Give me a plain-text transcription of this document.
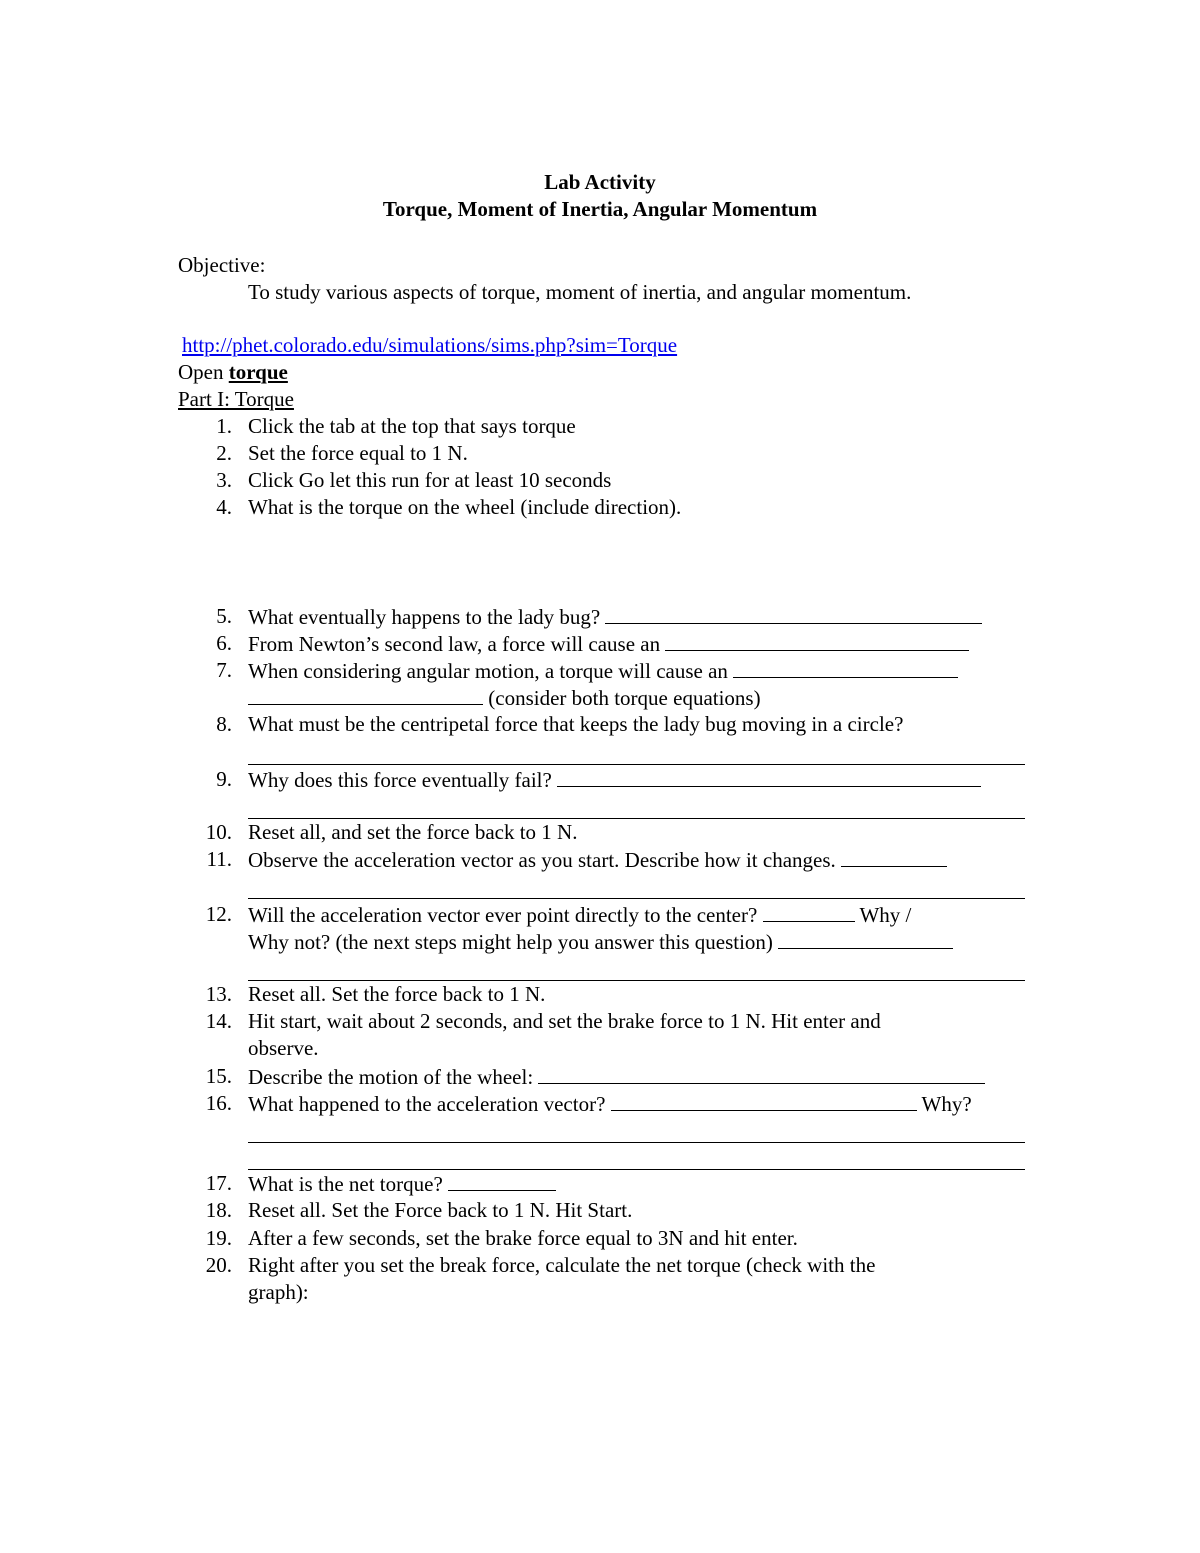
Lab Activity
Torque, Moment of Inertia, Angular Momentum
Objective:
To study various aspects of torque, moment of inertia, and angular momentum.
http://phet.colorado.edu/simulations/sims.php?sim=Torque
Open torque
Part I: Torque
1. Click the tab at the top that says torque
2. Set the force equal to 1 N.
3. Click Go let this run for at least 10 seconds
4. What is the torque on the wheel (include direction).
5. What eventually happens to the lady bug?
6. From Newton’s second law, a force will cause an
7. When considering angular motion, a torque will cause an
(consider both torque equations)
8. What must be the centripetal force that keeps the lady bug moving in a circle?
9. Why does this force eventually fail?
10. Reset all, and set the force back to 1 N.
11. Observe the acceleration vector as you start. Describe how it changes.
12. Will the acceleration vector ever point directly to the center?	Why /
Why not? (the next steps might help you answer this question)
13. Reset all. Set the force back to 1 N.
14. Hit start, wait about 2 seconds, and set the brake force to 1 N. Hit enter and
observe.
15. Describe the motion of the wheel:
16. What happened to the acceleration vector?	Why?
17. What is the net torque?
18. Reset all. Set the Force back to 1 N. Hit Start.
19. After a few seconds, set the brake force equal to 3N and hit enter.
20. Right after you set the break force, calculate the net torque (check with the
graph):
